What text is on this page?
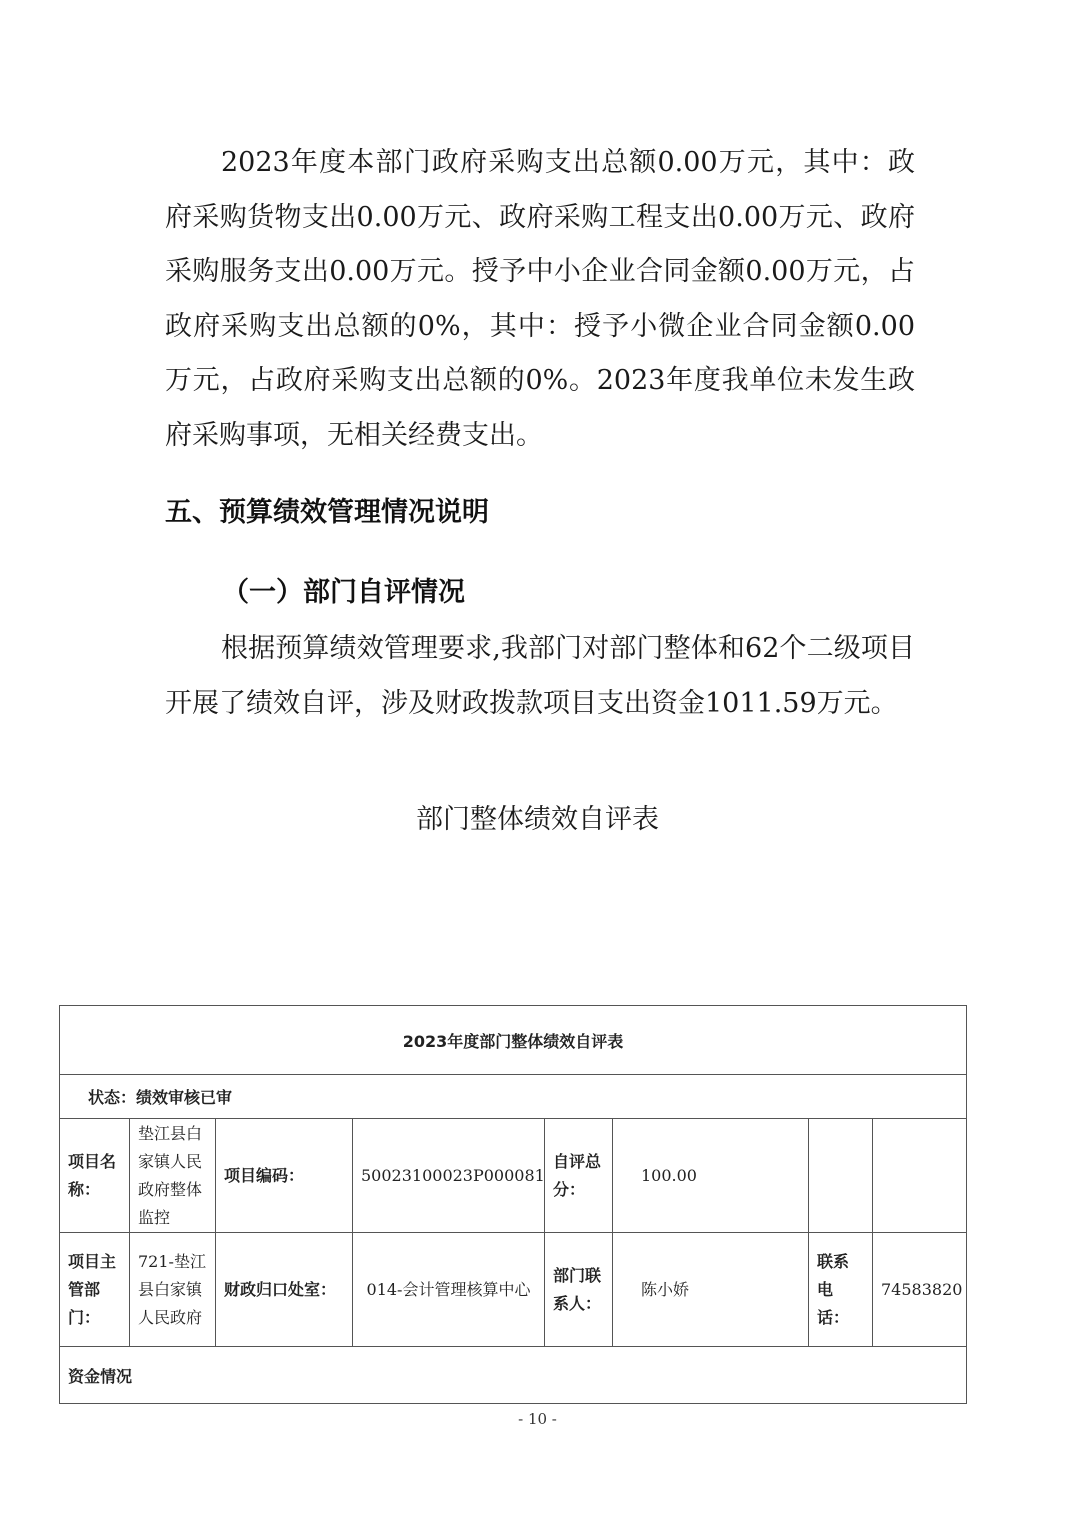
2023年度本部门政府采购支出总额0.00万元，其中：政府采购货物支出0.00万元、政府采购工程支出0.00万元、政府采购服务支出0.00万元。授予中小企业合同金额0.00万元，占政府采购支出总额的0%，其中：授予小微企业合同金额0.00万元，占政府采购支出总额的0%。2023年度我单位未发生政府采购事项，无相关经费支出。

五、预算绩效管理情况说明
（一）部门自评情况

根据预算绩效管理要求,我部门对部门整体和62个二级项目开展了绩效自评，涉及财政拨款项目支出资金1011.59万元。

部门整体绩效自评表

2023年度部门整体绩效自评表							
状态：绩效审核已审							
项目名称：	垫江县白家镇人民政府整体监控	项目编码：	50023100023P000081	自评总分：	100.00		
项目主管部门：	721-垫江县白家镇人民政府	财政归口处室：	014-会计管理核算中心	部门联系人：	陈小娇	联系电话：	74583820
资金情况							

- 10 -
